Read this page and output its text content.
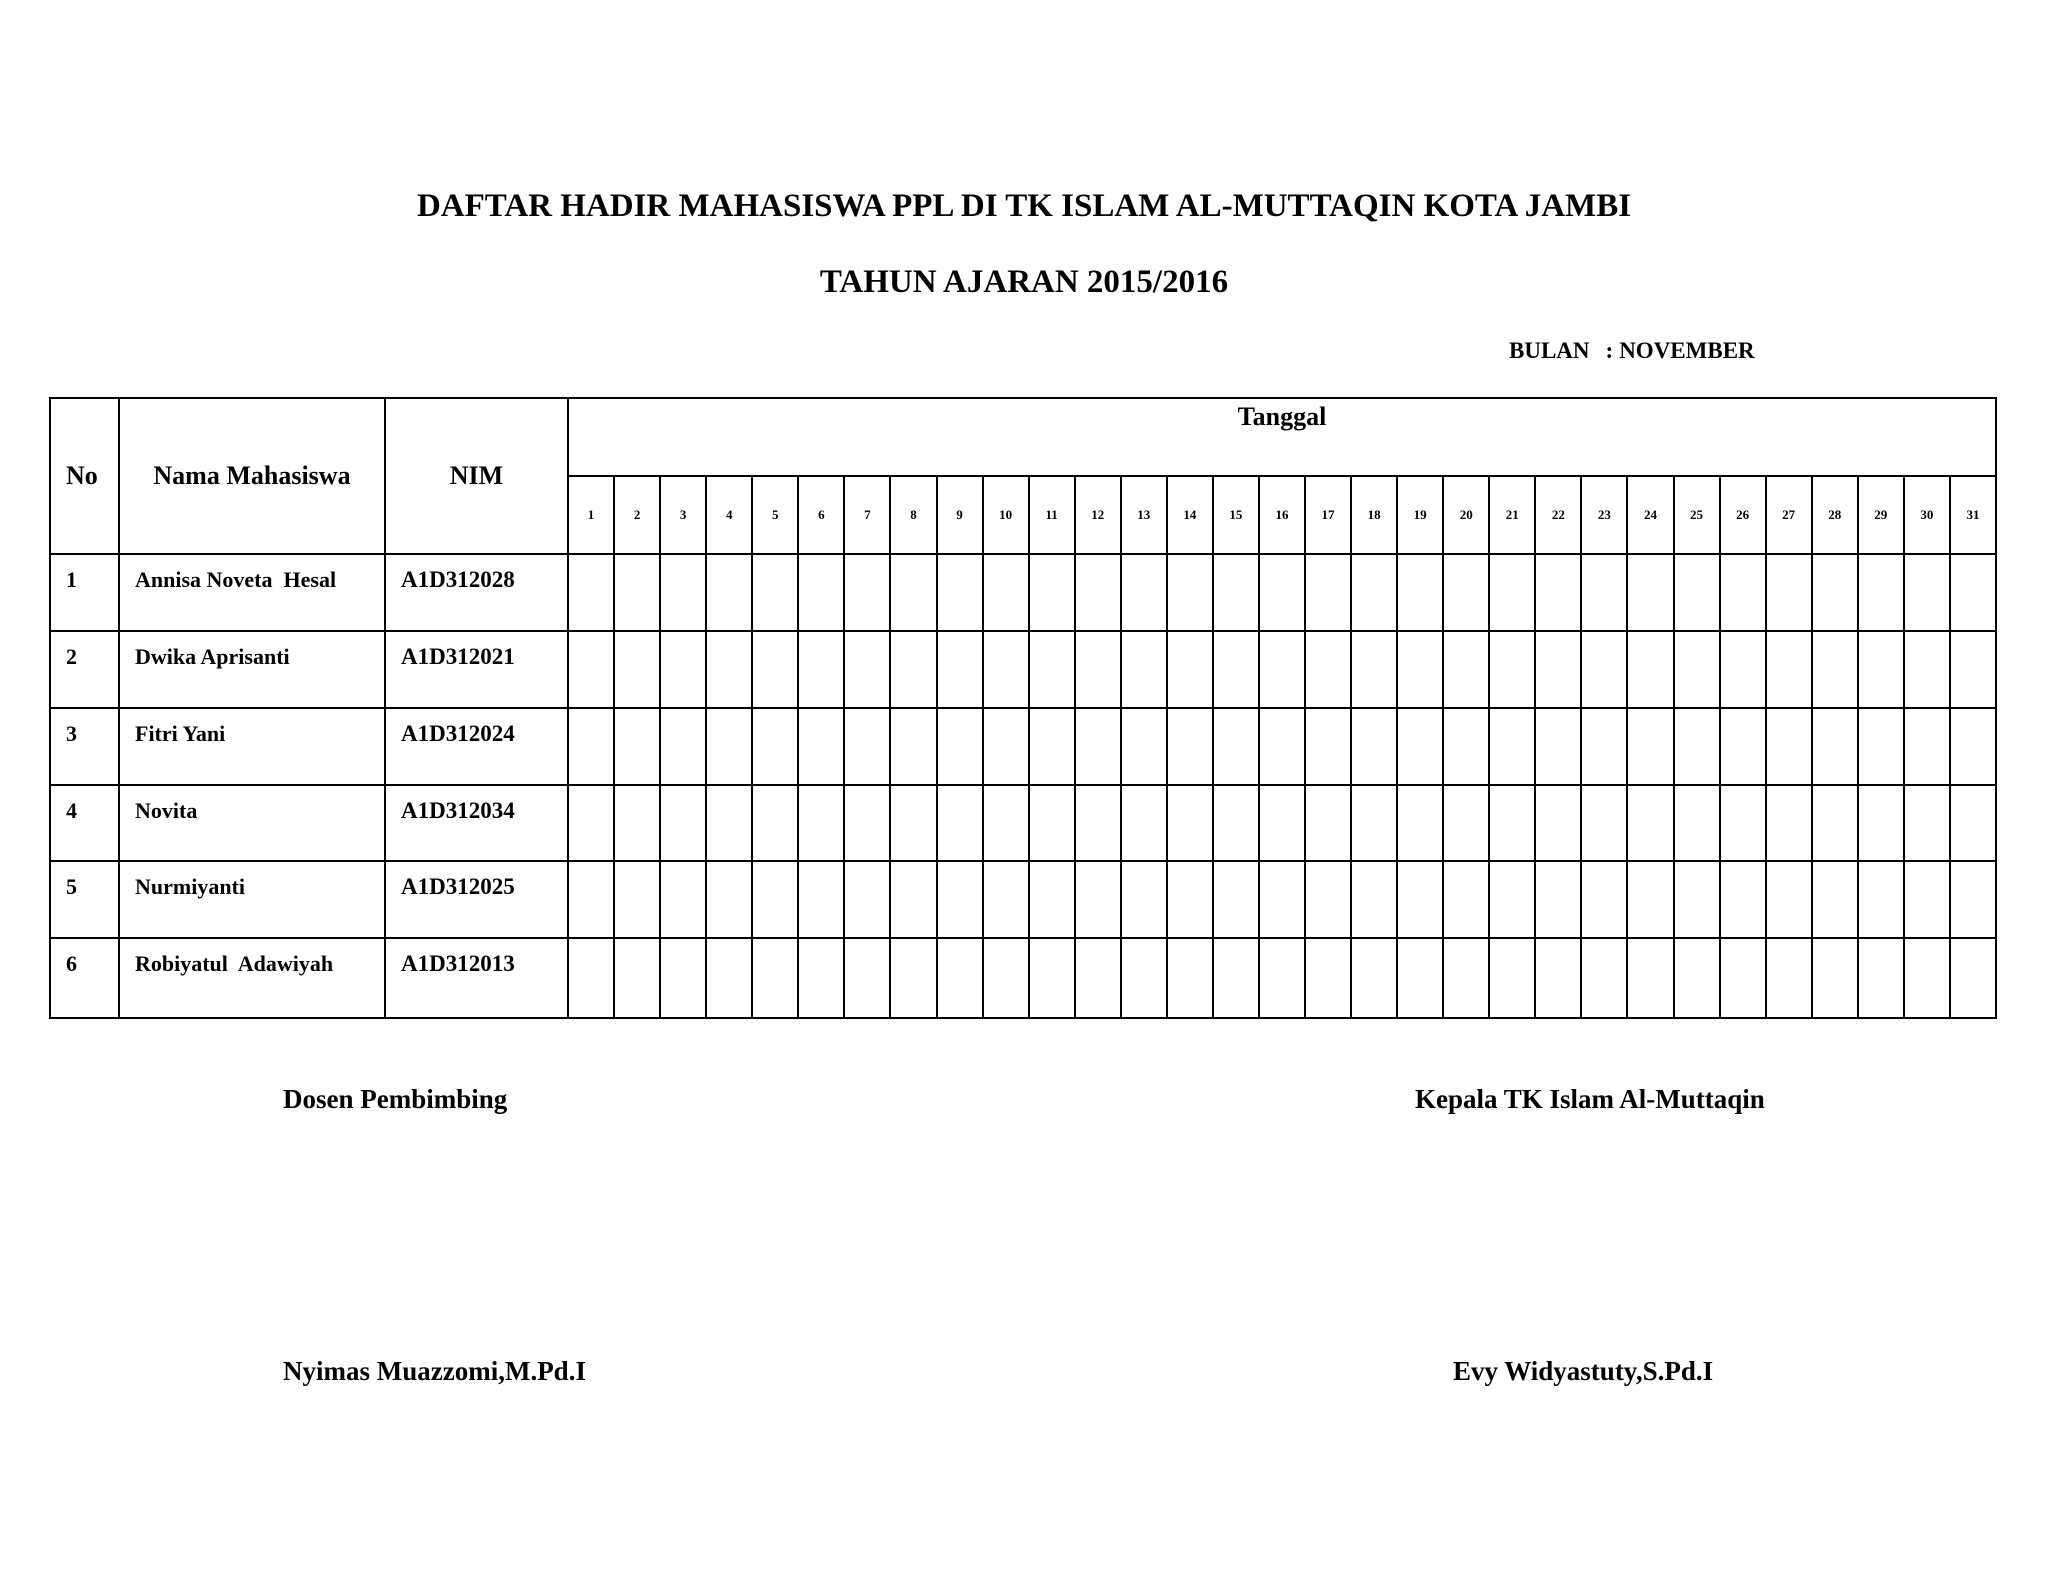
DAFTAR HADIR MAHASISWA PPL DI TK ISLAM AL-MUTTAQIN KOTA JAMBI
TAHUN AJARAN 2015/2016
BULAN : NOVEMBER
No	Nama Mahasiswa	NIM	Tanggal																														
			1	2	3	4	5	6	7	8	9	10	11	12	13	14	15	16	17	18	19	20	21	22	23	24	25	26	27	28	29	30	31
1	Annisa Noveta  Hesal	A1D312028																															
2	Dwika Aprisanti	A1D312021																															
3	Fitri Yani	A1D312024																															
4	Novita	A1D312034																															
5	Nurmiyanti	A1D312025																															
6	Robiyatul  Adawiyah	A1D312013																															
Dosen Pembimbing	Kepala TK Islam Al-Muttaqin
Nyimas Muazzomi,M.Pd.I	Evy Widyastuty,S.Pd.I
